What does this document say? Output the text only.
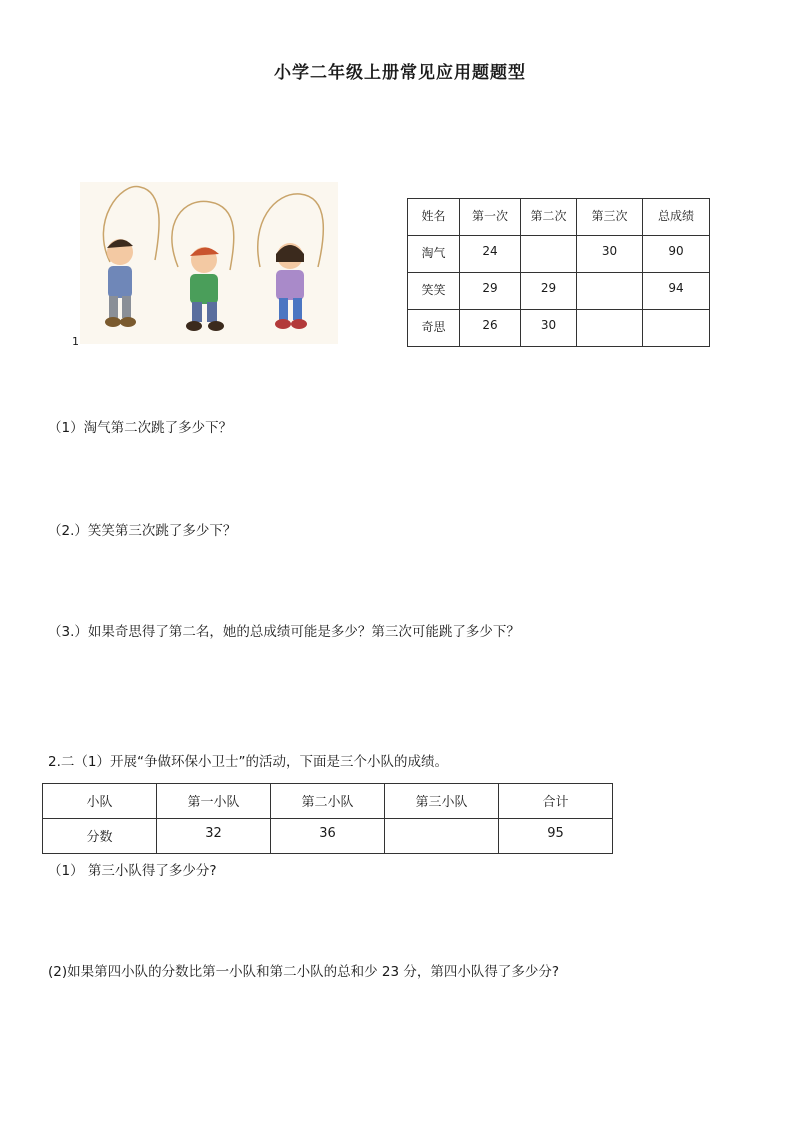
小学二年级上册常见应用题题型
1
姓名	第一次	第二次	第三次	总成绩
淘气	24		30	90
笑笑	29	29		94
奇思	26	30		
（1）淘气第二次跳了多少下？
（2.）笑笑第三次跳了多少下？
（3.）如果奇思得了第二名，她的总成绩可能是多少？第三次可能跳了多少下？
2.二（1）开展“争做环保小卫士”的活动，下面是三个小队的成绩。
小队	第一小队	第二小队	第三小队	合计
分数	32	36		95
（1） 第三小队得了多少分?
(2)如果第四小队的分数比第一小队和第二小队的总和少 23 分，第四小队得了多少分?
